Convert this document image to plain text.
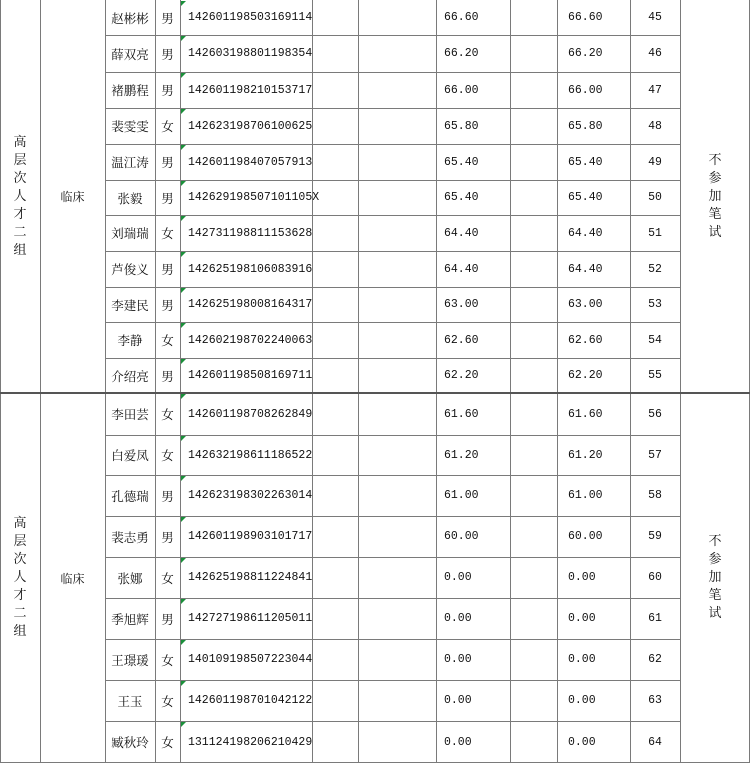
高
层
次
人
才
二
组
临床
不
参
加
笔
试
赵彬彬 男	142601198503169114	66.60	66.60	45
薛双亮 男	142603198801198354	66.20	66.20	46
褚鹏程 男	142601198210153717	66.00	66.00	47
裴雯雯 女	142623198706100625	65.80	65.80	48
温江涛 男	142601198407057913	65.40	65.40	49
张毅	男	142629198507101105X	65.40	65.40	50
刘瑞瑞 女	142731198811153628	64.40	64.40	51
芦俊义 男	142625198106083916	64.40	64.40	52
李建民 男	142625198008164317	63.00	63.00	53
李静	女	142602198702240063	62.60	62.60	54
介绍亮 男	142601198508169711	62.20	62.20	55
高
层
次
人
才
二
组
临床
不
参
加
笔
试
李田芸 女	142601198708262849	61.60	61.60	56
白爱凤 女	142632198611186522	61.20	61.20	57
孔德瑞 男	142623198302263014	61.00	61.00	58
裴志勇 男	142601198903101717	60.00	60.00	59
张娜	女	142625198811224841	0.00	0.00	60
季旭辉 男	142727198611205011	0.00	0.00	61
王璟瑗 女	140109198507223044	0.00	0.00	62
王玉	女	142601198701042122	0.00	0.00	63
臧秋玲 女	131124198206210429	0.00	0.00	64
